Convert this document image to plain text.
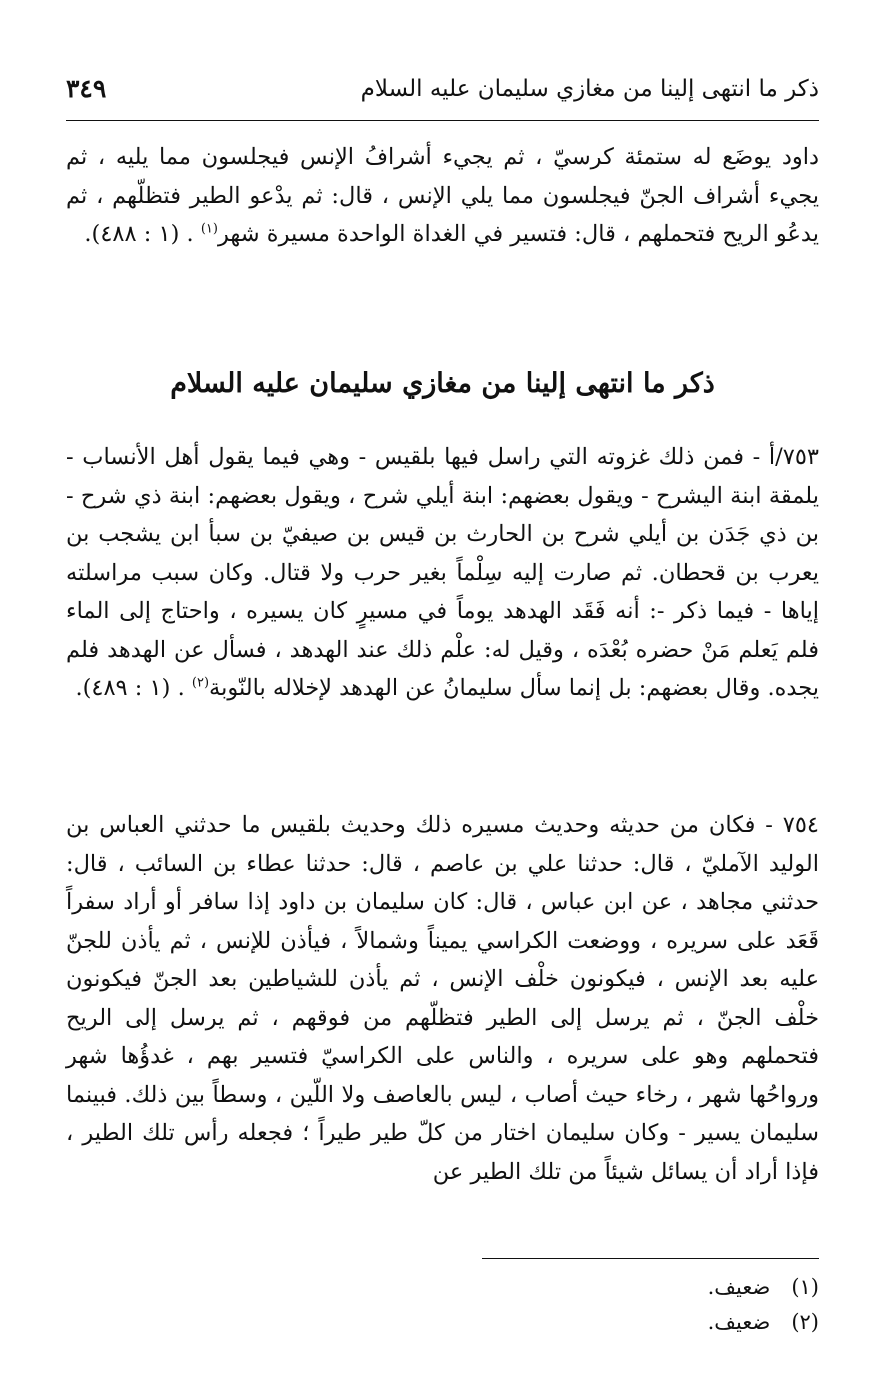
ذكر ما انتهى إلينا من مغازي سليمان عليه السلام
٣٤٩

داود يوضَع له ستمئة كرسيّ ، ثم يجيء أشرافُ الإنس فيجلسون مما يليه ، ثم يجيء أشراف الجنّ فيجلسون مما يلي الإنس ، قال: ثم يدْعو الطير فتظلّهم ، ثم يدعُو الريح فتحملهم ، قال: فتسير في الغداة الواحدة مسيرة شهر$^{(١)}$ . (١ : ٤٨٨).

ذكر ما انتهى إلينا من مغازي سليمان عليه السلام

٧٥٣/أ - فمن ذلك غزوته التي راسل فيها بلقيس - وهي فيما يقول أهل الأنساب - يلمقة ابنة اليشرح - ويقول بعضهم: ابنة أيلي شرح ، ويقول بعضهم: ابنة ذي شرح - بن ذي جَدَن بن أيلي شرح بن الحارث بن قيس بن صيفيّ بن سبأ ابن يشجب بن يعرب بن قحطان. ثم صارت إليه سِلْماً بغير حرب ولا قتال. وكان سبب مراسلته إياها - فيما ذكر -: أنه فَقَد الهدهد يوماً في مسيرٍ كان يسيره ، واحتاج إلى الماء فلم يَعلم مَنْ حضره بُعْدَه ، وقيل له: علْم ذلك عند الهدهد ، فسأل عن الهدهد فلم يجده. وقال بعضهم: بل إنما سأل سليمانُ عن الهدهد لإخلاله بالنّوبة$^{(٢)}$ . (١ : ٤٨٩).

٧٥٤ - فكان من حديثه وحديث مسيره ذلك وحديث بلقيس ما حدثني العباس بن الوليد الآمليّ ، قال: حدثنا علي بن عاصم ، قال: حدثنا عطاء بن السائب ، قال: حدثني مجاهد ، عن ابن عباس ، قال: كان سليمان بن داود إذا سافر أو أراد سفراً قَعَد على سريره ، ووضعت الكراسي يميناً وشمالاً ، فيأذن للإنس ، ثم يأذن للجنّ عليه بعد الإنس ، فيكونون خلْف الإنس ، ثم يأذن للشياطين بعد الجنّ فيكونون خلْف الجنّ ، ثم يرسل إلى الطير فتظلّهم من فوقهم ، ثم يرسل إلى الريح فتحملهم وهو على سريره ، والناس على الكراسيّ فتسير بهم ، غدؤُها شهر ورواحُها شهر ، رخاء حيث أصاب ، ليس بالعاصف ولا اللّين ، وسطاً بين ذلك. فبينما سليمان يسير - وكان سليمان اختار من كلّ طير طيراً ؛ فجعله رأس تلك الطير ، فإذا أراد أن يسائل شيئاً من تلك الطير عن

(١) ضعيف.
(٢) ضعيف.
